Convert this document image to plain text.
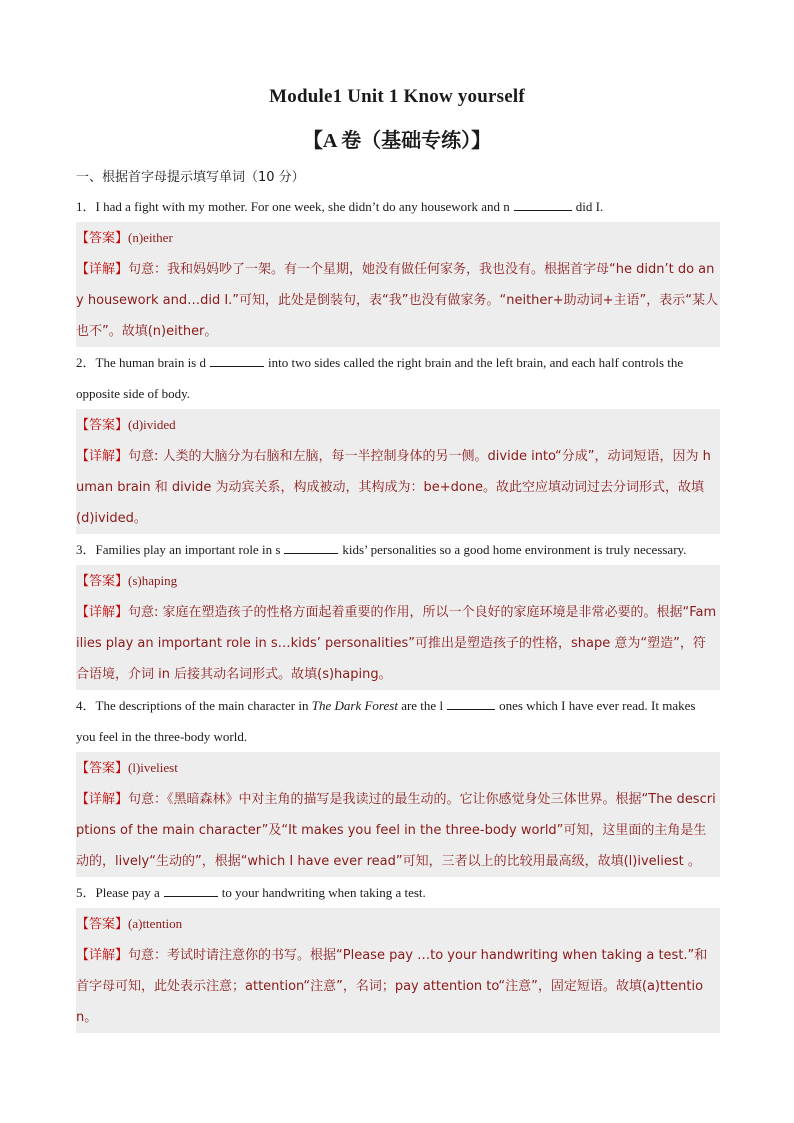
Module1 Unit 1 Know yourself
【A 卷（基础专练）】
一、根据首字母提示填写单词（10 分）
1．I had a fight with my mother. For one week, she didn’t do any housework and n	did I.
【答案】(n)either
【详解】句意：我和妈妈吵了一架。有一个星期，她没有做任何家务，我也没有。根据首字母“he didn’t do any housework and…did I.”可知，此处是倒装句，表“我”也没有做家务。“neither+助动词+主语”，表示“某人也不”。故填(n)either。
2．The human brain is d	into two sides called the right brain and the left brain, and each half controls the opposite side of body.
【答案】(d)ivided
【详解】句意: 人类的大脑分为右脑和左脑，每一半控制身体的另一侧。divide into“分成”，动词短语，因为 human brain 和 divide 为动宾关系，构成被动，其构成为：be+done。故此空应填动词过去分词形式，故填(d)ivided。
3．Families play an important role in s	kids’ personalities so a good home environment is truly necessary.
【答案】(s)haping
【详解】句意: 家庭在塑造孩子的性格方面起着重要的作用，所以一个良好的家庭环境是非常必要的。根据“Families play an important role in s…kids’ personalities”可推出是塑造孩子的性格，shape 意为“塑造”，符合语境，介词 in 后接其动名词形式。故填(s)haping。
4．The descriptions of the main character in The Dark Forest are the l	ones which I have ever read. It makes you feel in the three-body world.
【答案】(l)iveliest
【详解】句意：《黑暗森林》中对主角的描写是我读过的最生动的。它让你感觉身处三体世界。根据“The descriptions of the main character”及“It makes you feel in the three-body world”可知，这里面的主角是生动的，lively“生动的”，根据“which I have ever read”可知，三者以上的比较用最高级，故填(l)iveliest 。
5．Please pay a	to your handwriting when taking a test.
【答案】(a)ttention
【详解】句意：考试时请注意你的书写。根据“Please pay …to your handwriting when taking a test.”和首字母可知，此处表示注意；attention“注意”，名词；pay attention to“注意”，固定短语。故填(a)ttention。
